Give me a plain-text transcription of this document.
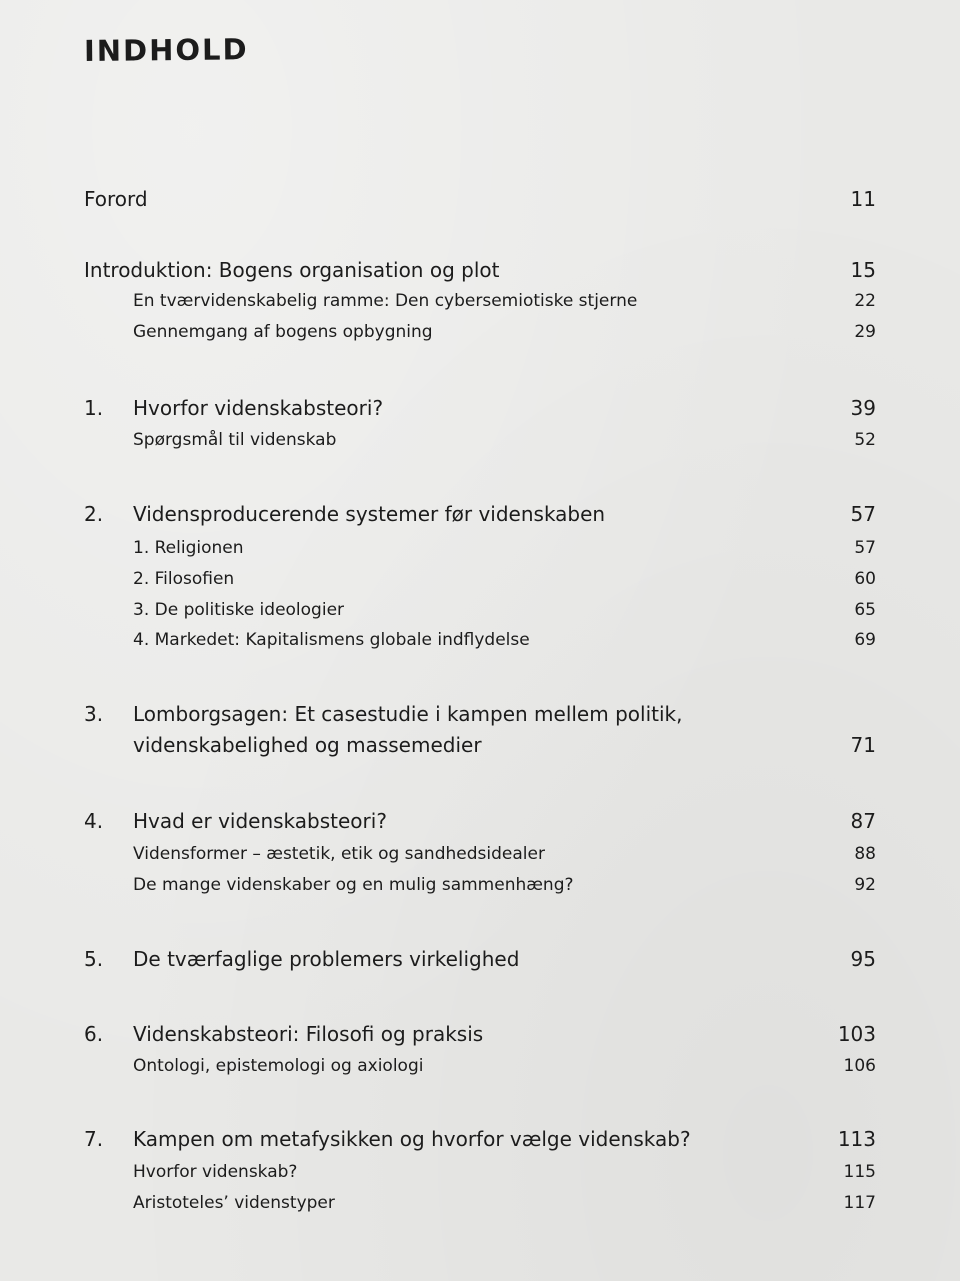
INDHOLD
Forord	11
Introduktion: Bogens organisation og plot	15
En tværvidenskabelig ramme: Den cybersemiotiske stjerne	22
Gennemgang af bogens opbygning	29
1. Hvorfor videnskabsteori?	39
Spørgsmål til videnskab	52
2. Vidensproducerende systemer før videnskaben	57
1. Religionen	57
2. Filosofien	60
3. De politiske ideologier	65
4. Markedet: Kapitalismens globale indflydelse	69
3. Lomborgsagen: Et casestudie i kampen mellem politik,
videnskabelighed og massemedier	71
4. Hvad er videnskabsteori?	87
Vidensformer – æstetik, etik og sandhedsidealer	88
De mange videnskaber og en mulig sammenhæng?	92
5. De tværfaglige problemers virkelighed	95
6. Videnskabsteori: Filosofi og praksis	103
Ontologi, epistemologi og axiologi	106
7. Kampen om metafysikken og hvorfor vælge videnskab?	113
Hvorfor videnskab?	115
Aristoteles’ videnstyper	117
